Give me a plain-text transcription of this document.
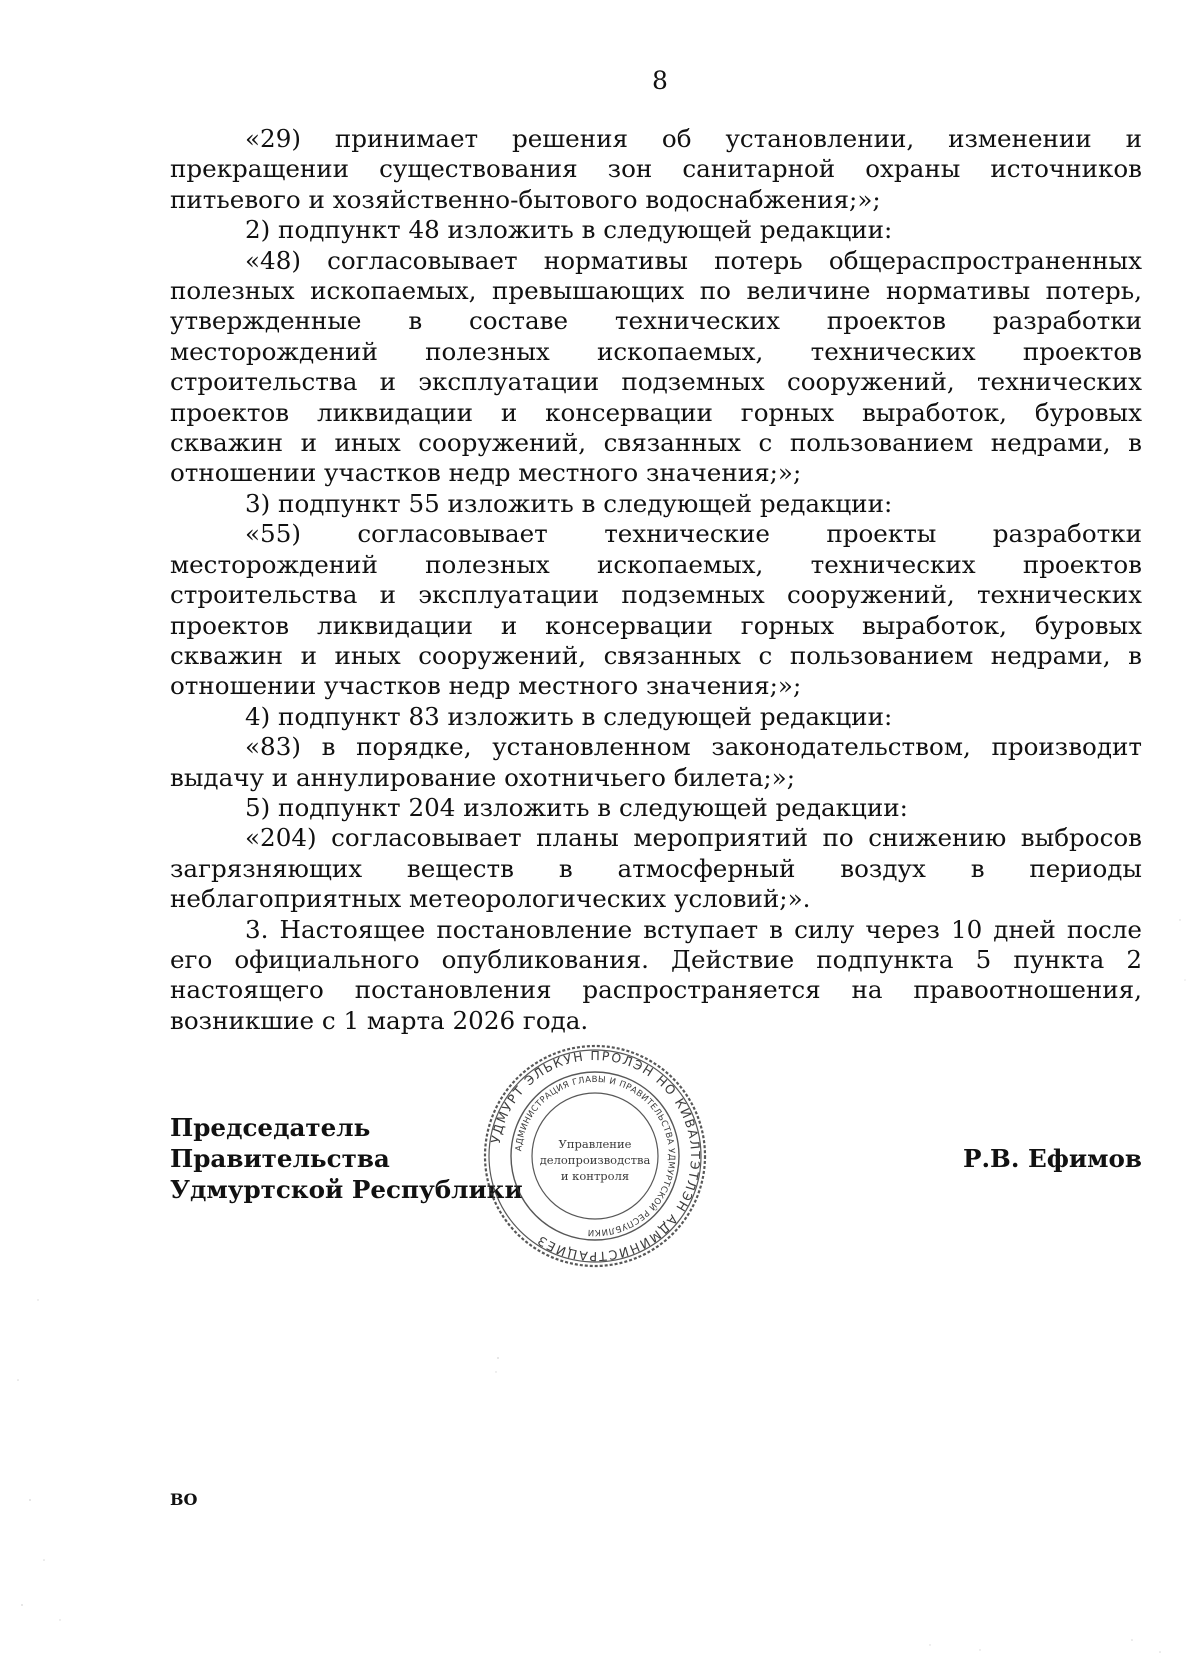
8

«29) принимает решения об установлении, изменении и прекращении существования зон санитарной охраны источников питьевого и хозяйственно-бытового водоснабжения;»;

2) подпункт 48 изложить в следующей редакции:

«48) согласовывает нормативы потерь общераспространенных полезных ископаемых, превышающих по величине нормативы потерь, утвержденные в составе технических проектов разработки месторождений полезных ископаемых, технических проектов строительства и эксплуатации подземных сооружений, технических проектов ликвидации и консервации горных выработок, буровых скважин и иных сооружений, связанных с пользованием недрами, в отношении участков недр местного значения;»;

3) подпункт 55 изложить в следующей редакции:

«55) согласовывает технические проекты разработки месторождений полезных ископаемых, технических проектов строительства и эксплуатации подземных сооружений, технических проектов ликвидации и консервации горных выработок, буровых скважин и иных сооружений, связанных с пользованием недрами, в отношении участков недр местного значения;»;

4) подпункт 83 изложить в следующей редакции:

«83) в порядке, установленном законодательством, производит выдачу и аннулирование охотничьего билета;»;

5) подпункт 204 изложить в следующей редакции:

«204) согласовывает планы мероприятий по снижению выбросов загрязняющих веществ в атмосферный воздух в периоды неблагоприятных метеорологических условий;».

3. Настоящее постановление вступает в силу через 10 дней после его официального опубликования. Действие подпункта 5 пункта 2 настоящего постановления распространяется на правоотношения, возникшие с 1 марта 2026 года.

Председатель Правительства
Удмуртской Республики
Р.В. Ефимов
УДМУРТ ЭЛЬКУН ПРОЛЭН НО КИВАЛТЭТЛЭН АДМИНИСТРАЦИЕЗ
АДМИНИСТРАЦИЯ ГЛАВЫ И ПРАВИТЕЛЬСТВА УДМУРТСКОЙ РЕСПУБЛИКИ
Управление
делопроизводства
и контроля
ВО
